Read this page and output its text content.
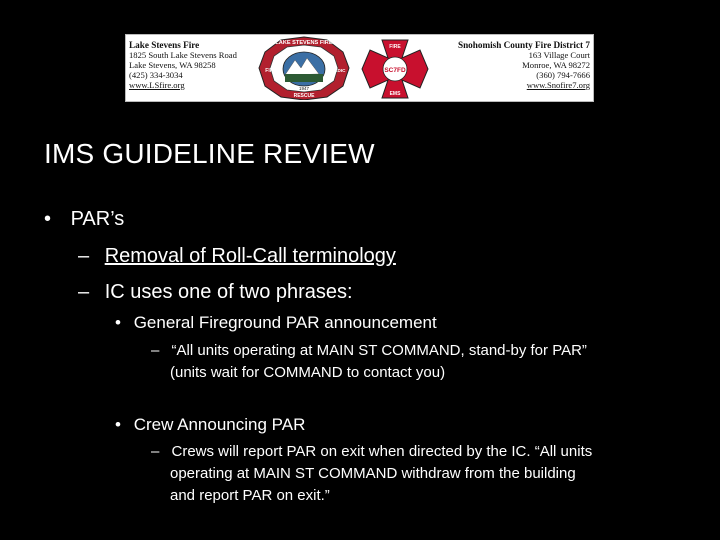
Lake Stevens Fire
1825 South Lake Stevens Road
Lake Stevens, WA 98258
(425) 334-3034
www.LSfire.org
LAKE STEVENS FIRE
FIRE	MEDIC
RESCUE
1947
FIRE
EMS
SC7FD
Snohomish County Fire District 7
163 Village Court
Monroe, WA 98272
(360) 794-7666
www.Snofire7.org
IMS GUIDELINE REVIEW
• PAR’s
– Removal of Roll-Call terminology
– IC uses one of two phrases:
• General Fireground PAR announcement
– “All units operating at MAIN ST COMMAND, stand-by for PAR”
(units wait for COMMAND to contact you)
• Crew Announcing PAR
– Crews will report PAR on exit when directed by the IC. “All units
operating at MAIN ST COMMAND withdraw from the building
and report PAR on exit.”
